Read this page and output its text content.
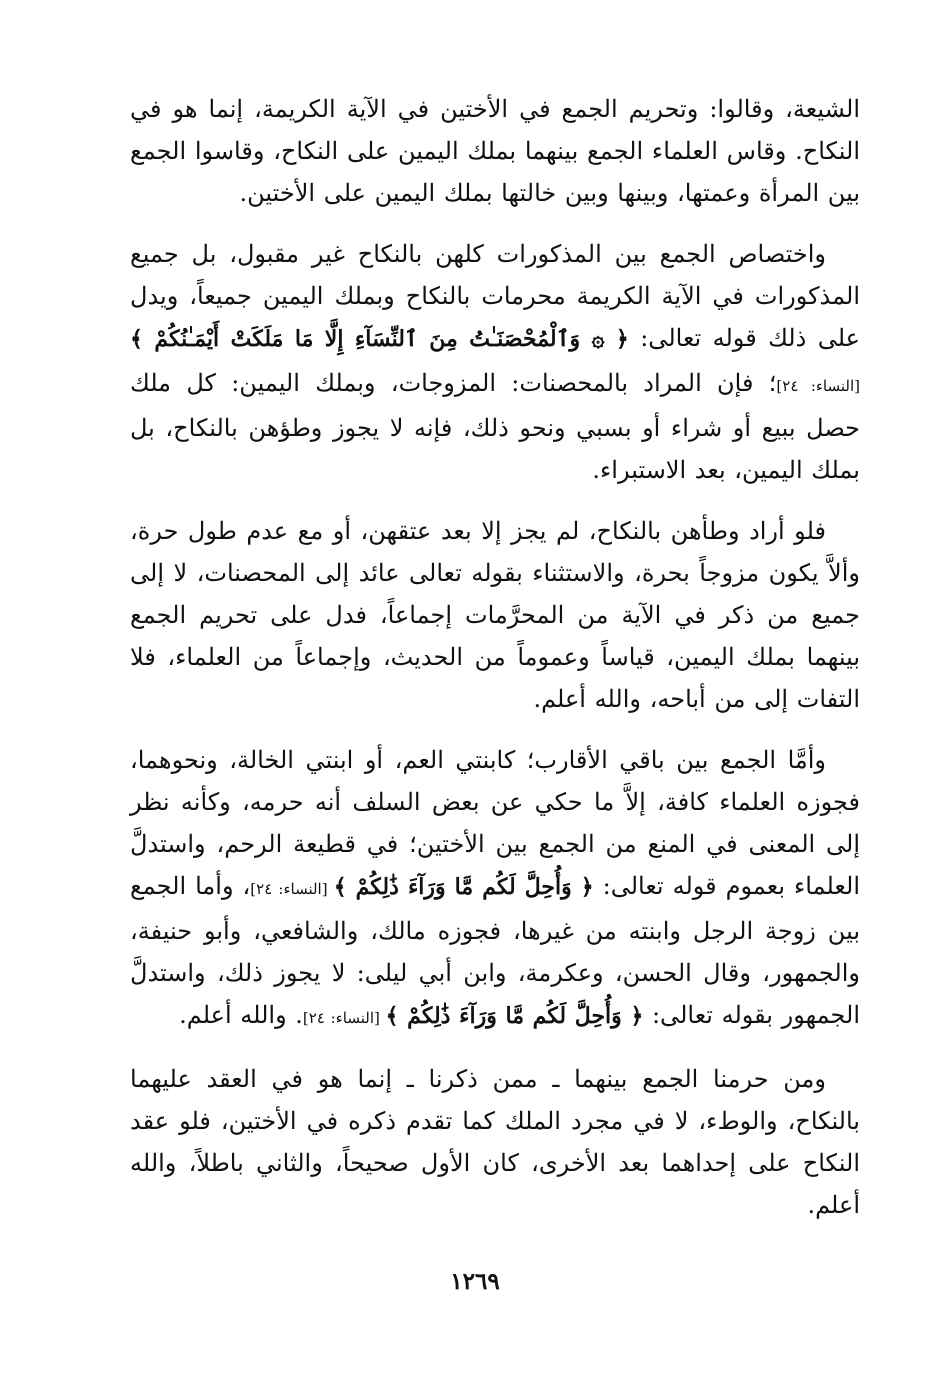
الشيعة، وقالوا: وتحريم الجمع في الأختين في الآية الكريمة، إنما هو في النكاح. وقاس العلماء الجمع بينهما بملك اليمين على النكاح، وقاسوا الجمع بين المرأة وعمتها، وبينها وبين خالتها بملك اليمين على الأختين.

واختصاص الجمع بين المذكورات كلهن بالنكاح غير مقبول، بل جميع المذكورات في الآية الكريمة محرمات بالنكاح وبملك اليمين جميعاً، ويدل على ذلك قوله تعالى: ﴿ ۞ وَٱلْمُحْصَنَـٰتُ مِنَ ٱلنِّسَآءِ إِلَّا مَا مَلَكَتْ أَيْمَـٰنُكُمْ ﴾ [النساء: ٢٤]؛ فإن المراد بالمحصنات: المزوجات، وبملك اليمين: كل ملك حصل ببيع أو شراء أو بسبي ونحو ذلك، فإنه لا يجوز وطؤهن بالنكاح، بل بملك اليمين، بعد الاستبراء.

فلو أراد وطأهن بالنكاح، لم يجز إلا بعد عتقهن، أو مع عدم طول حرة، وألاَّ يكون مزوجاً بحرة، والاستثناء بقوله تعالى عائد إلى المحصنات، لا إلى جميع من ذكر في الآية من المحرَّمات إجماعاً، فدل على تحريم الجمع بينهما بملك اليمين، قياساً وعموماً من الحديث، وإجماعاً من العلماء، فلا التفات إلى من أباحه، والله أعلم.

وأمَّا الجمع بين باقي الأقارب؛ كابنتي العم، أو ابنتي الخالة، ونحوهما، فجوزه العلماء كافة، إلاَّ ما حكي عن بعض السلف أنه حرمه، وكأنه نظر إلى المعنى في المنع من الجمع بين الأختين؛ في قطيعة الرحم، واستدلَّ العلماء بعموم قوله تعالى: ﴿ وَأُحِلَّ لَكُم مَّا وَرَآءَ ذَٰلِكُمْ ﴾ [النساء: ٢٤]، وأما الجمع بين زوجة الرجل وابنته من غيرها، فجوزه مالك، والشافعي، وأبو حنيفة، والجمهور، وقال الحسن، وعكرمة، وابن أبي ليلى: لا يجوز ذلك، واستدلَّ الجمهور بقوله تعالى: ﴿ وَأُحِلَّ لَكُم مَّا وَرَآءَ ذَٰلِكُمْ ﴾ [النساء: ٢٤]. والله أعلم.

ومن حرمنا الجمع بينهما ـ ممن ذكرنا ـ إنما هو في العقد عليهما بالنكاح، والوطء، لا في مجرد الملك كما تقدم ذكره في الأختين، فلو عقد النكاح على إحداهما بعد الأخرى، كان الأول صحيحاً، والثاني باطلاً، والله أعلم.

١٢٦٩
